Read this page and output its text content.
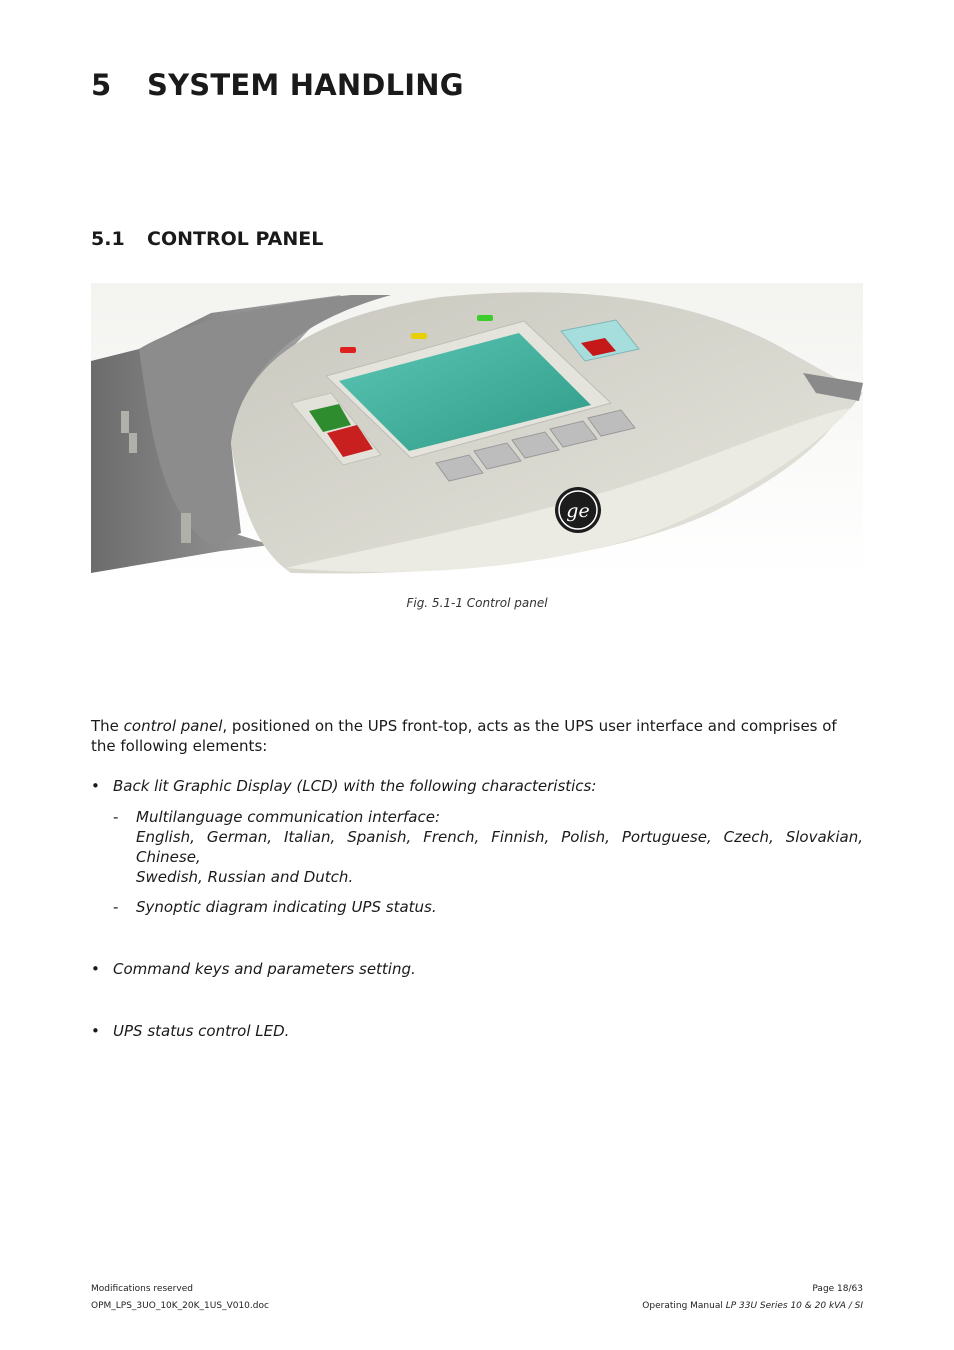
5 SYSTEM HANDLING
5.1 CONTROL PANEL
ge
Fig. 5.1-1 Control panel

The control panel, positioned on the UPS front-top, acts as the UPS user interface and comprises of the following elements:

• Back lit Graphic Display (LCD) with the following characteristics:
- Multilanguage communication interface:
English, German, Italian, Spanish, French, Finnish, Polish, Portuguese, Czech, Slovakian, Chinese,
Swedish, Russian and Dutch.
- Synoptic diagram indicating UPS status.
• Command keys and parameters setting.
• UPS status control LED.
Modifications reserved
OPM_LPS_3UO_10K_20K_1US_V010.doc
Page 18/63
Operating Manual LP 33U Series 10 & 20 kVA / SI
